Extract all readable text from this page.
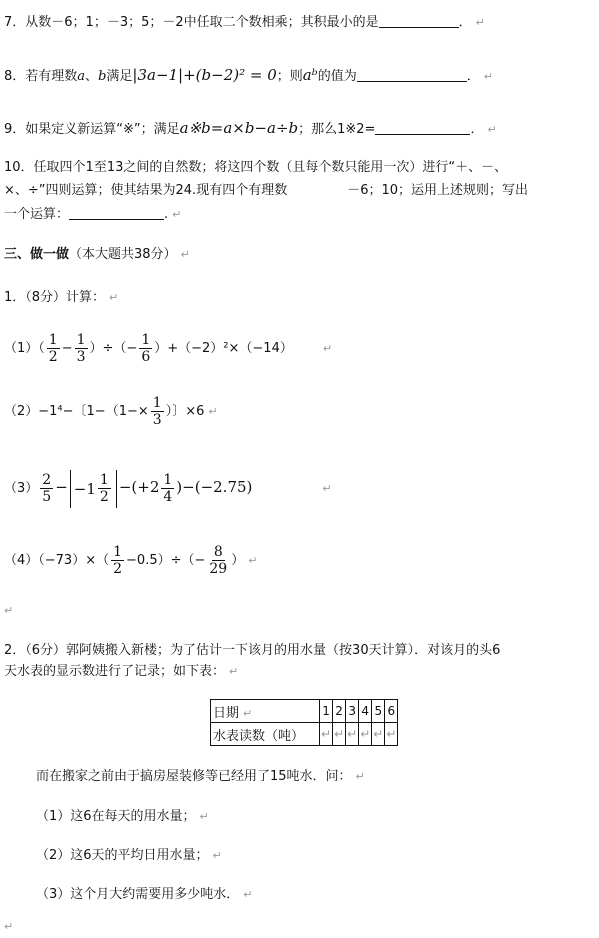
7．从数－6；1；－3；5；－2中任取二个数相乘；其积最小的是	． ↵
8．若有理数a、b满足|3a−1|+(b−2)² = 0；则aᵇ的值为	． ↵
9．如果定义新运算“※”；满足a※b=a×b−a÷b；那么1※2=	． ↵
10．任取四个1至13之间的自然数；将这四个数（且每个数只能用一次）进行“＋、－、
×、÷”四则运算；使其结果为24.现有四个有理数	－6；10；运用上述规则；写出
一个运算：	. ↵
三、做一做（本大题共38分） ↵
1．（8分）计算： ↵
$(1)( \frac{1}{2} - \frac{1}{3}$ ）÷（− $\frac{1}{6} )+(-2)^2\times(-14)$	↵
（2）−1⁴−〔$1-(1-\times \frac{1}{3}$ ）〕×6 ↵
$(3) \frac{2}{5} - -1 \frac{1}{2} -(+2 \frac{1}{4} )-(-2.75)$	↵
$(4)(-73)\times( \frac{1}{2} -0.5)\div(- \frac{8}{29}$ ） ↵
↵
2．（6分）郭阿姨搬入新楼；为了估计一下该月的用水量（按30天计算）．对该月的头6
天水表的显示数进行了记录；如下表： ↵
日期 ↵	1	2	3	4	5	6
水表读数（吨）	↵	↵	↵	↵	↵	↵
而在搬家之前由于搞房屋装修等已经用了15吨水．问： ↵
（1）这6在每天的用水量； ↵
（2）这6天的平均日用水量； ↵
（3）这个月大约需要用多少吨水． ↵
↵
